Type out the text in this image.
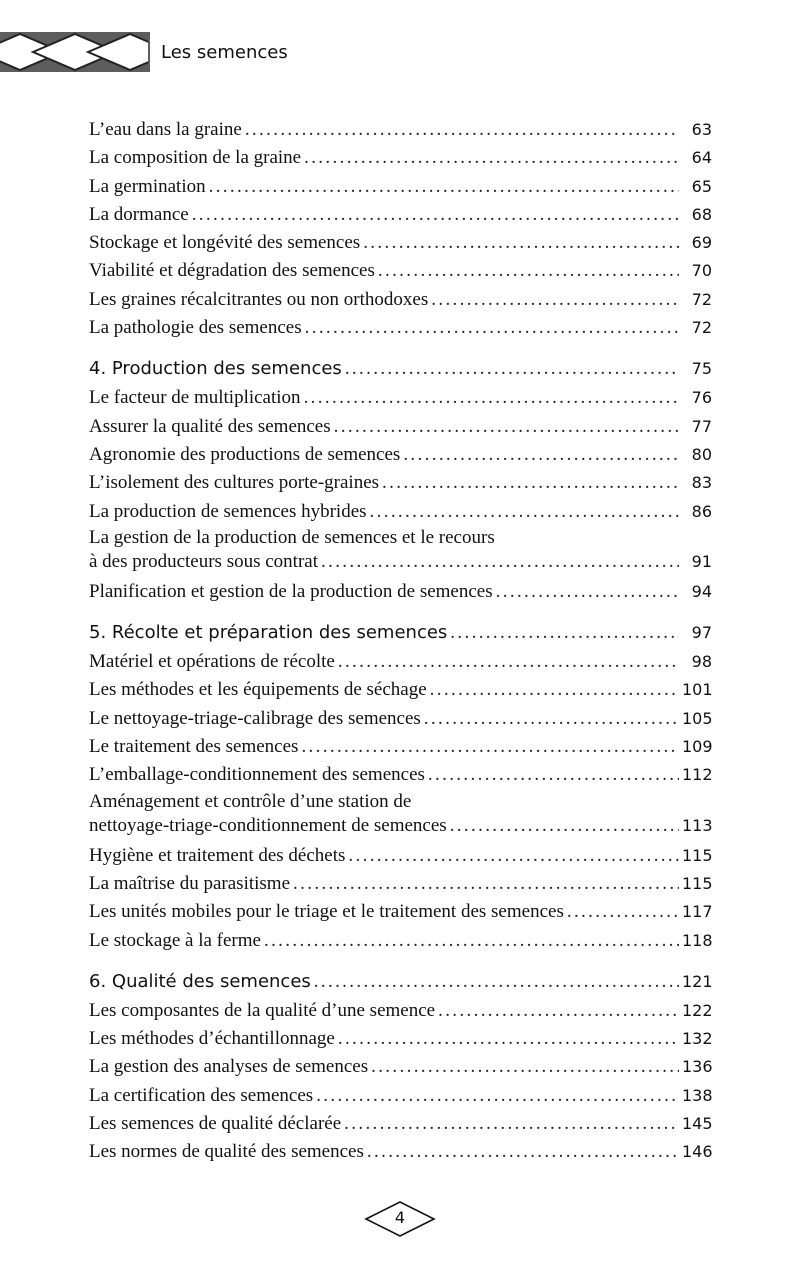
Les semences
L’eau dans la graine . . .	63
La composition de la graine . . .	64
La germination . . .	65
La dormance . . .	68
Stockage et longévité des semences . . .	69
Viabilité et dégradation des semences . . .	70
Les graines récalcitrantes ou non orthodoxes . . .	72
La pathologie des semences . . .	72
4. Production des semences . . .	75
Le facteur de multiplication . . .	76
Assurer la qualité des semences . . .	77
Agronomie des productions de semences . . .	80
L’isolement des cultures porte-graines . . .	83
La production de semences hybrides . . .	86
La gestion de la production de semences et le recours
à des producteurs sous contrat . . .	91
Planification et gestion de la production de semences . . .	94
5. Récolte et préparation des semences . . .	97
Matériel et opérations de récolte . . .	98
Les méthodes et les équipements de séchage . . .	101
Le nettoyage-triage-calibrage des semences . . .	105
Le traitement des semences . . .	109
L’emballage-conditionnement des semences . . .	112
Aménagement et contrôle d’une station de
nettoyage-triage-conditionnement de semences . . .	113
Hygiène et traitement des déchets . . .	115
La maîtrise du parasitisme . . .	115
Les unités mobiles pour le triage et le traitement des semences . . .	117
Le stockage à la ferme . . .	118
6. Qualité des semences . . .	121
Les composantes de la qualité d’une semence . . .	122
Les méthodes d’échantillonnage . . .	132
La gestion des analyses de semences . . .	136
La certification des semences . . .	138
Les semences de qualité déclarée . . .	145
Les normes de qualité des semences . . .	146
4
